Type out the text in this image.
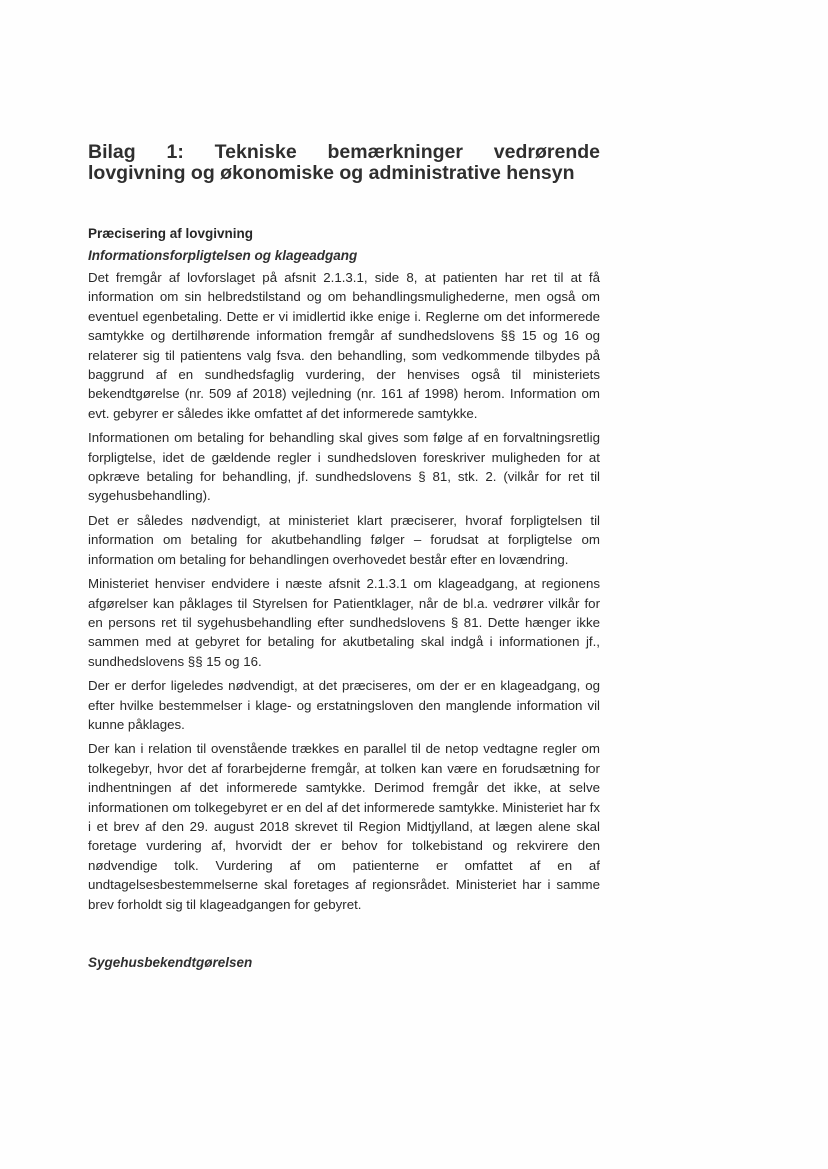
Bilag 1: Tekniske bemærkninger vedrørende lovgivning og økonomiske og administrative hensyn
Præcisering af lovgivning
Informationsforpligtelsen og klageadgang

Det fremgår af lovforslaget på afsnit 2.1.3.1, side 8, at patienten har ret til at få information om sin helbredstilstand og om behandlingsmulighederne, men også om eventuel egenbetaling. Dette er vi imidlertid ikke enige i. Reglerne om det informerede samtykke og dertilhørende information fremgår af sundhedslovens §§ 15 og 16 og relaterer sig til patientens valg fsva. den behandling, som vedkommende tilbydes på baggrund af en sundhedsfaglig vurdering, der henvises også til ministeriets bekendtgørelse (nr. 509 af 2018) vejledning (nr. 161 af 1998) herom. Information om evt. gebyrer er således ikke omfattet af det informerede samtykke.

Informationen om betaling for behandling skal gives som følge af en forvaltningsretlig forpligtelse, idet de gældende regler i sundhedsloven foreskriver muligheden for at opkræve betaling for behandling, jf. sundhedslovens § 81, stk. 2. (vilkår for ret til sygehusbehandling).

Det er således nødvendigt, at ministeriet klart præciserer, hvoraf forpligtelsen til information om betaling for akutbehandling følger – forudsat at forpligtelse om information om betaling for behandlingen overhovedet består efter en lovændring.

Ministeriet henviser endvidere i næste afsnit 2.1.3.1 om klageadgang, at regionens afgørelser kan påklages til Styrelsen for Patientklager, når de bl.a. vedrører vilkår for en persons ret til sygehusbehandling efter sundhedslovens § 81. Dette hænger ikke sammen med at gebyret for betaling for akutbetaling skal indgå i informationen jf., sundhedslovens §§ 15 og 16.

Der er derfor ligeledes nødvendigt, at det præciseres, om der er en klageadgang, og efter hvilke bestemmelser i klage- og erstatningsloven den manglende information vil kunne påklages.

Der kan i relation til ovenstående trækkes en parallel til de netop vedtagne regler om tolkegebyr, hvor det af forarbejderne fremgår, at tolken kan være en forudsætning for indhentningen af det informerede samtykke. Derimod fremgår det ikke, at selve informationen om tolkegebyret er en del af det informerede samtykke. Ministeriet har fx i et brev af den 29. august 2018 skrevet til Region Midtjylland, at lægen alene skal foretage vurdering af, hvorvidt der er behov for tolkebistand og rekvirere den nødvendige tolk. Vurdering af om patienterne er omfattet af en af undtagelsesbestemmelserne skal foretages af regionsrådet. Ministeriet har i samme brev forholdt sig til klageadgangen for gebyret.

Sygehusbekendtgørelsen
